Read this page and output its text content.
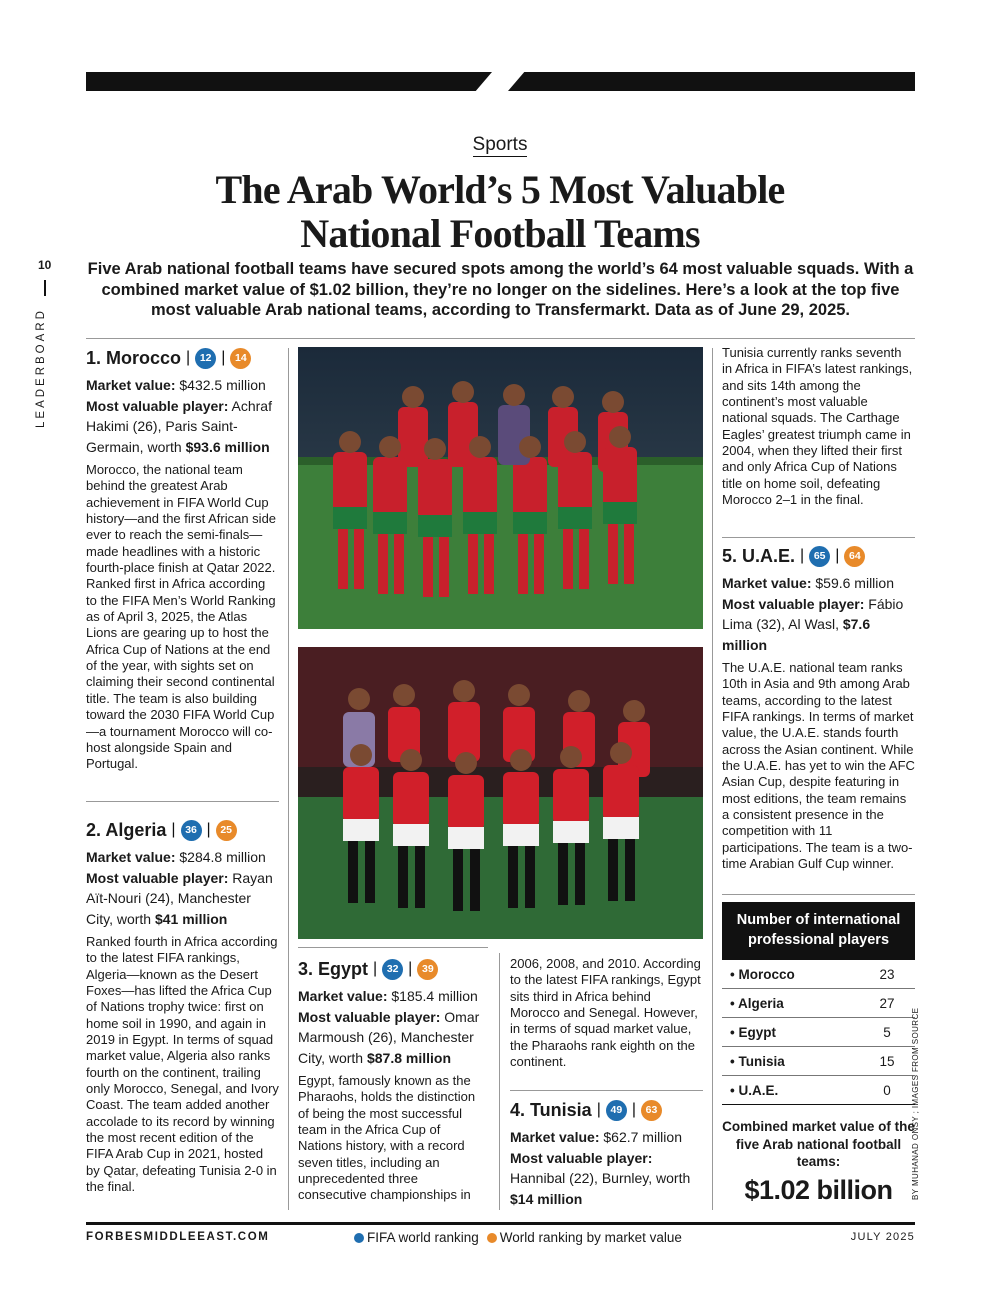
Sports
The Arab World’s 5 Most Valuable
National Football Teams
10
LEADERBOARD
Five Arab national football teams have secured spots among the world’s 64 most valuable squads. With a combined market value of $1.02 billion, they’re no longer on the sidelines. Here’s a look at the top five most valuable Arab national teams, according to Transfermarkt. Data as of June 29, 2025.
1. Morocco | 12 | 14
Market value: $432.5 million
Most valuable player: Achraf Hakimi (26), Paris Saint-Germain, worth $93.6 million
Morocco, the national team behind the greatest Arab achievement in FIFA World Cup history—and the first African side ever to reach the semi-finals—made headlines with a historic fourth-place finish at Qatar 2022. Ranked first in Africa according to the FIFA Men’s World Ranking as of April 3, 2025, the Atlas Lions are gearing up to host the Africa Cup of Nations at the end of the year, with sights set on claiming their second continental title. The team is also building toward the 2030 FIFA World Cup—a tournament Morocco will co-host alongside Spain and Portugal.
2. Algeria | 36 | 25
Market value: $284.8 million
Most valuable player: Rayan Aït-Nouri (24), Manchester City, worth $41 million
Ranked fourth in Africa according to the latest FIFA rankings, Algeria—known as the Desert Foxes—has lifted the Africa Cup of Nations trophy twice: first on home soil in 1990, and again in 2019 in Egypt. In terms of squad market value, Algeria also ranks fourth on the continent, trailing only Morocco, Senegal, and Ivory Coast. The team added another accolade to its record by winning the most recent edition of the FIFA Arab Cup in 2021, hosted by Qatar, defeating Tunisia 2-0 in the final.
3. Egypt | 32 | 39
Market value: $185.4 million
Most valuable player: Omar Marmoush (26), Manchester City, worth $87.8 million
Egypt, famously known as the Pharaohs, holds the distinction of being the most successful team in the Africa Cup of Nations history, with a record seven titles, including an unprecedented three consecutive championships in
2006, 2008, and 2010. According to the latest FIFA rankings, Egypt sits third in Africa behind Morocco and Senegal. However, in terms of squad market value, the Pharaohs rank eighth on the continent.
4. Tunisia | 49 | 63
Market value: $62.7 million
Most valuable player: Hannibal (22), Burnley, worth $14 million
Tunisia currently ranks seventh in Africa in FIFA’s latest rankings, and sits 14th among the continent’s most valuable national squads. The Carthage Eagles’ greatest triumph came in 2004, when they lifted their first and only Africa Cup of Nations title on home soil, defeating Morocco 2–1 in the final.
5. U.A.E. | 65 | 64
Market value: $59.6 million
Most valuable player: Fábio Lima (32), Al Wasl, $7.6 million
The U.A.E. national team ranks 10th in Asia and 9th among Arab teams, according to the latest FIFA rankings. In terms of market value, the U.A.E. stands fourth across the Asian continent. While the U.A.E. has yet to win the AFC Asian Cup, despite featuring in most editions, the team remains a consistent presence in the competition with 11 participations. The team is a two-time Arabian Gulf Cup winner.
Number of international professional players
• Morocco	23
• Algeria	27
• Egypt	5
• Tunisia	15
• U.A.E.	0
Combined market value of the five Arab national football teams:
$1.02 billion	BY MUHANAD ONSY ; IMAGES FROM SOURCE
FORBESMIDDLEEAST.COM	FIFA world ranking	World ranking by market value	JULY 2025
